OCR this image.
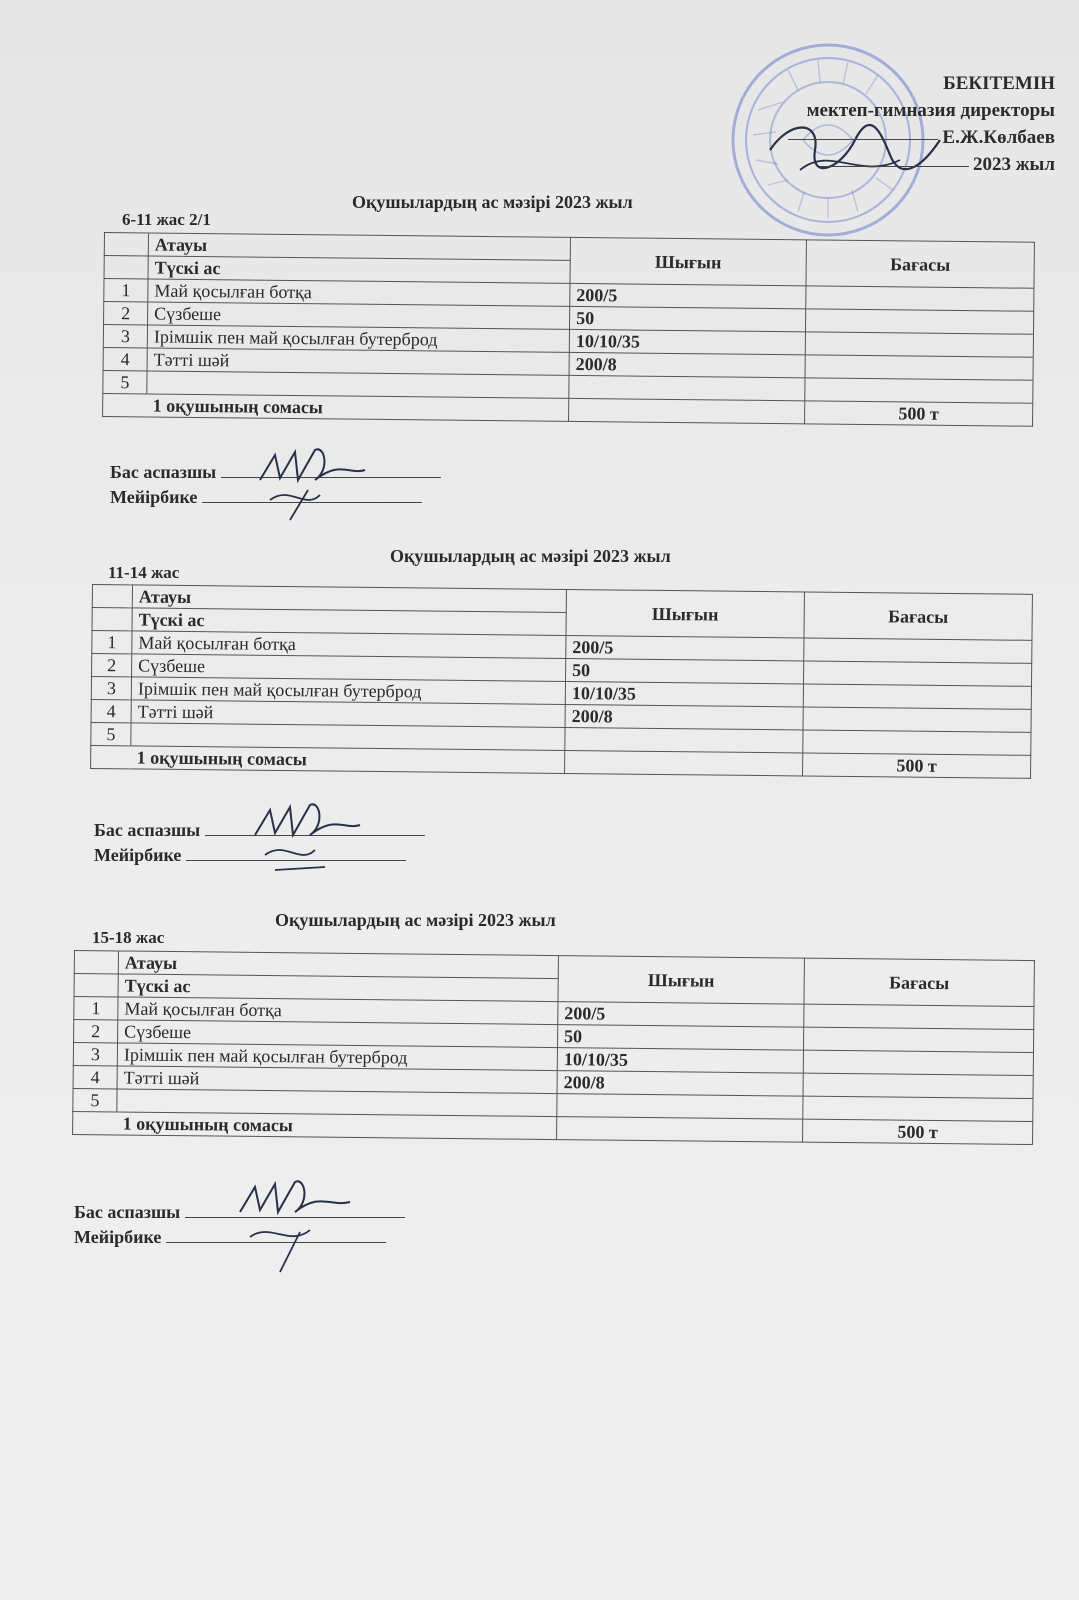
БЕКІТЕМІН
мектеп-гимназия директоры
Е.Ж.Көлбаев
2023 жыл
Оқушылардың ас мәзірі 2023 жыл
6-11 жас 2/1
	Атауы	Шығын	Бағасы
	Түскі ас		
1	Май қосылған ботқа	200/5	
2	Сүзбеше	50	
3	Ірімшік пен май қосылған бутерброд	10/10/35	
4	Тәтті шәй	200/8	
5			
	1 оқушының сомасы		500 т
Бас аспазшы
Мейірбике
Оқушылардың ас мәзірі 2023 жыл
11-14 жас
	Атауы	Шығын	Бағасы
	Түскі ас		
1	Май қосылған ботқа	200/5	
2	Сүзбеше	50	
3	Ірімшік пен май қосылған бутерброд	10/10/35	
4	Тәтті шәй	200/8	
5			
	1 оқушының сомасы		500 т
Бас аспазшы
Мейірбике
Оқушылардың ас мәзірі 2023 жыл
15-18 жас
	Атауы	Шығын	Бағасы
	Түскі ас		
1	Май қосылған ботқа	200/5	
2	Сүзбеше	50	
3	Ірімшік пен май қосылған бутерброд	10/10/35	
4	Тәтті шәй	200/8	
5			
	1 оқушының сомасы		500 т
Бас аспазшы
Мейірбике
